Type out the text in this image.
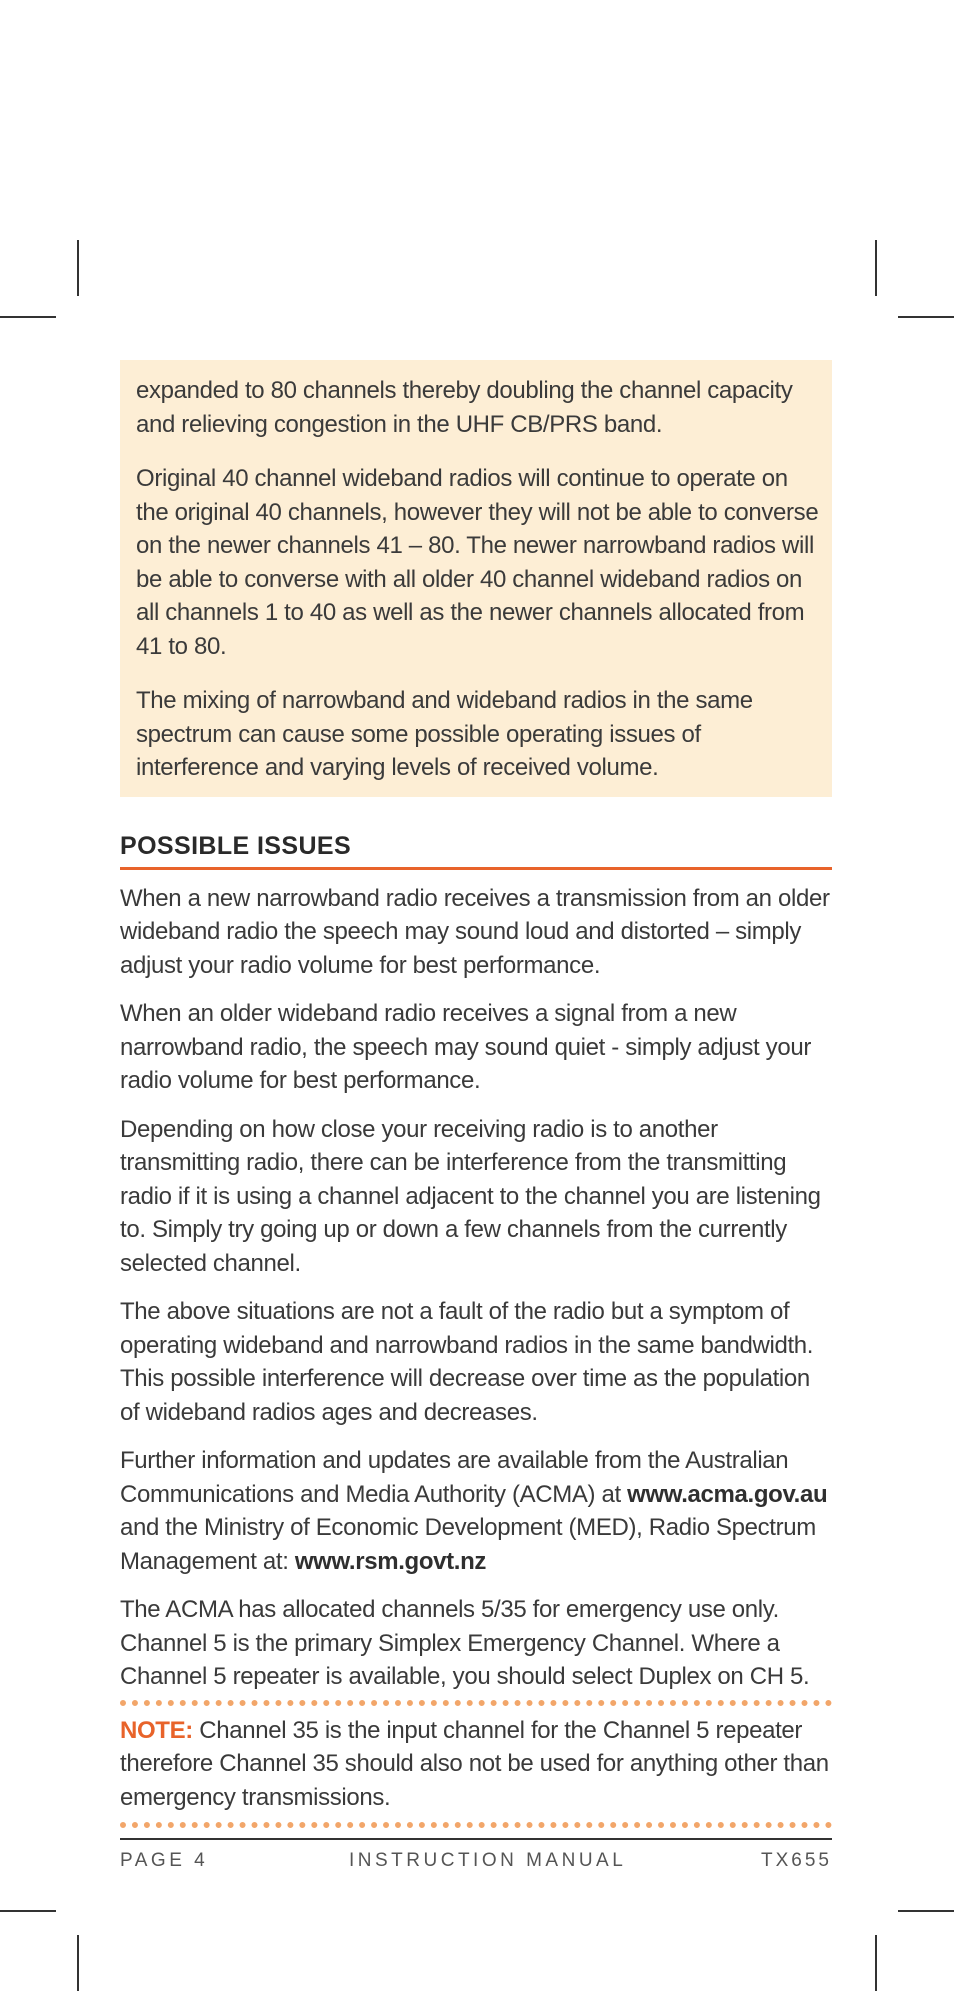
expanded to 80 channels thereby doubling the channel capacity and relieving congestion in the UHF CB/PRS band.

Original 40 channel wideband radios will continue to operate on the original 40 channels, however they will not be able to converse on the newer channels 41 – 80. The newer narrowband radios will be able to converse with all older 40 channel wideband radios on all channels 1 to 40 as well as the newer channels allocated from 41 to 80.

The mixing of narrowband and wideband radios in the same spectrum can cause some possible operating issues of interference and varying levels of received volume.

POSSIBLE ISSUES

When a new narrowband radio receives a transmission from an older wideband radio the speech may sound loud and distorted – simply adjust your radio volume for best performance.

When an older wideband radio receives a signal from a new narrowband radio, the speech may sound quiet - simply adjust your radio volume for best performance.

Depending on how close your receiving radio is to another transmitting radio, there can be interference from the transmitting radio if it is using a channel adjacent to the channel you are listening to. Simply try going up or down a few channels from the currently selected channel.

The above situations are not a fault of the radio but a symptom of operating wideband and narrowband radios in the same bandwidth. This possible interference will decrease over time as the population of wideband radios ages and decreases.

Further information and updates are available from the Australian Communications and Media Authority (ACMA) at www.acma.gov.au and the Ministry of Economic Development (MED), Radio Spectrum Management at: www.rsm.govt.nz

The ACMA has allocated channels 5/35 for emergency use only. Channel 5 is the primary Simplex Emergency Channel. Where a Channel 5 repeater is available, you should select Duplex on CH 5.

NOTE: Channel 35 is the input channel for the Channel 5 repeater therefore Channel 35 should also not be used for anything other than emergency transmissions.

PAGE 4	INSTRUCTION MANUAL	TX655
